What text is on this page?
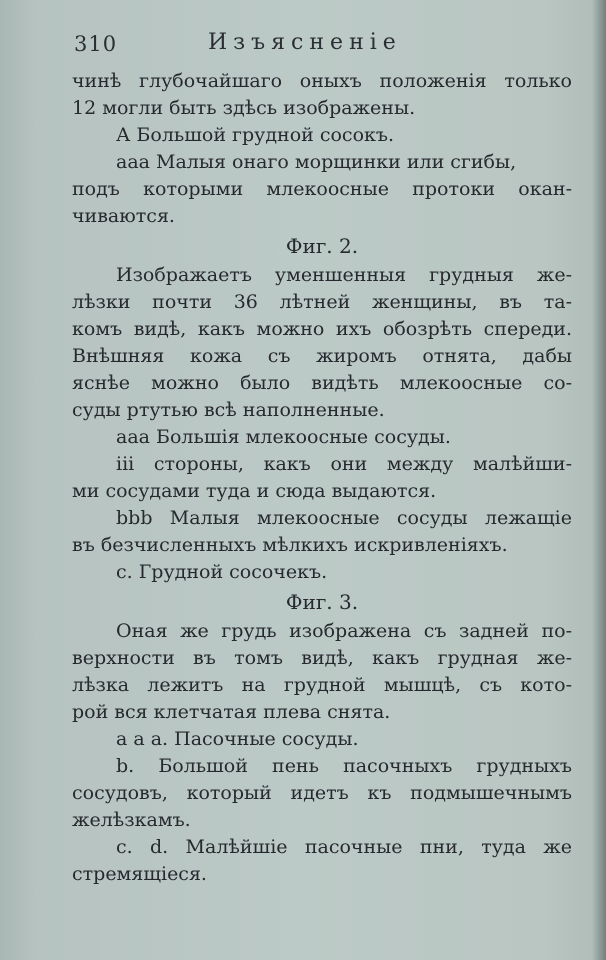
310	Изъясненіе
чинѣ глубочайшаго оныхъ положенія только
12 могли быть здѣсь изображены.
А Большой грудной сосокъ.
ааа Малыя онаго морщинки или сгибы,
подъ которыми млекоосные протоки окан-
чиваются.
Фиг. 2.
Изображаетъ уменшенныя грудныя же-
лѣзки почти 36 лѣтней женщины, въ та-
комъ видѣ, какъ можно ихъ обозрѣть спереди.
Внѣшняя кожа съ жиромъ отнята, дабы
яснѣе можно было видѣть млекоосные со-
суды ртутью всѣ наполненные.
ааа Большія млекоосные сосуды.
iii стороны, какъ они между малѣйши-
ми сосудами туда и сюда выдаются.
bbb Малыя млекоосные сосуды лежащіе
въ безчисленныхъ мѣлкихъ искривленіяхъ.
c. Грудной сосочекъ.
Фиг. 3.
Оная же грудь изображена съ задней по-
верхности въ томъ видѣ, какъ грудная же-
лѣзка лежитъ на грудной мышцѣ, съ кото-
рой вся клетчатая плева снята.
a a a. Пасочные сосуды.
b. Большой пень пасочныхъ грудныхъ
сосудовъ, который идетъ къ подмышечнымъ
желѣзкамъ.
c. d. Малѣйшіе пасочные пни, туда же
стремящіеся.
